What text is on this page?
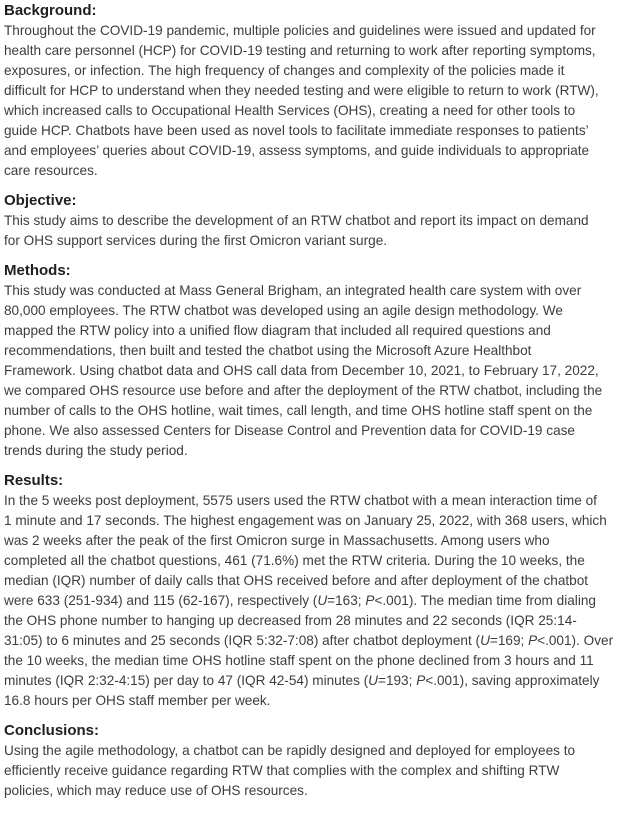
Background:
Throughout the COVID-19 pandemic, multiple policies and guidelines were issued and updated for
health care personnel (HCP) for COVID-19 testing and returning to work after reporting symptoms,
exposures, or infection. The high frequency of changes and complexity of the policies made it
difficult for HCP to understand when they needed testing and were eligible to return to work (RTW),
which increased calls to Occupational Health Services (OHS), creating a need for other tools to
guide HCP. Chatbots have been used as novel tools to facilitate immediate responses to patients’
and employees’ queries about COVID-19, assess symptoms, and guide individuals to appropriate
care resources.
Objective:
This study aims to describe the development of an RTW chatbot and report its impact on demand
for OHS support services during the first Omicron variant surge.
Methods:
This study was conducted at Mass General Brigham, an integrated health care system with over
80,000 employees. The RTW chatbot was developed using an agile design methodology. We
mapped the RTW policy into a unified flow diagram that included all required questions and
recommendations, then built and tested the chatbot using the Microsoft Azure Healthbot
Framework. Using chatbot data and OHS call data from December 10, 2021, to February 17, 2022,
we compared OHS resource use before and after the deployment of the RTW chatbot, including the
number of calls to the OHS hotline, wait times, call length, and time OHS hotline staff spent on the
phone. We also assessed Centers for Disease Control and Prevention data for COVID-19 case
trends during the study period.
Results:
In the 5 weeks post deployment, 5575 users used the RTW chatbot with a mean interaction time of
1 minute and 17 seconds. The highest engagement was on January 25, 2022, with 368 users, which
was 2 weeks after the peak of the first Omicron surge in Massachusetts. Among users who
completed all the chatbot questions, 461 (71.6%) met the RTW criteria. During the 10 weeks, the
median (IQR) number of daily calls that OHS received before and after deployment of the chatbot
were 633 (251-934) and 115 (62-167), respectively (U=163; P<.001). The median time from dialing
the OHS phone number to hanging up decreased from 28 minutes and 22 seconds (IQR 25:14-
31:05) to 6 minutes and 25 seconds (IQR 5:32-7:08) after chatbot deployment (U=169; P<.001). Over
the 10 weeks, the median time OHS hotline staff spent on the phone declined from 3 hours and 11
minutes (IQR 2:32-4:15) per day to 47 (IQR 42-54) minutes (U=193; P<.001), saving approximately
16.8 hours per OHS staff member per week.
Conclusions:
Using the agile methodology, a chatbot can be rapidly designed and deployed for employees to
efficiently receive guidance regarding RTW that complies with the complex and shifting RTW
policies, which may reduce use of OHS resources.
